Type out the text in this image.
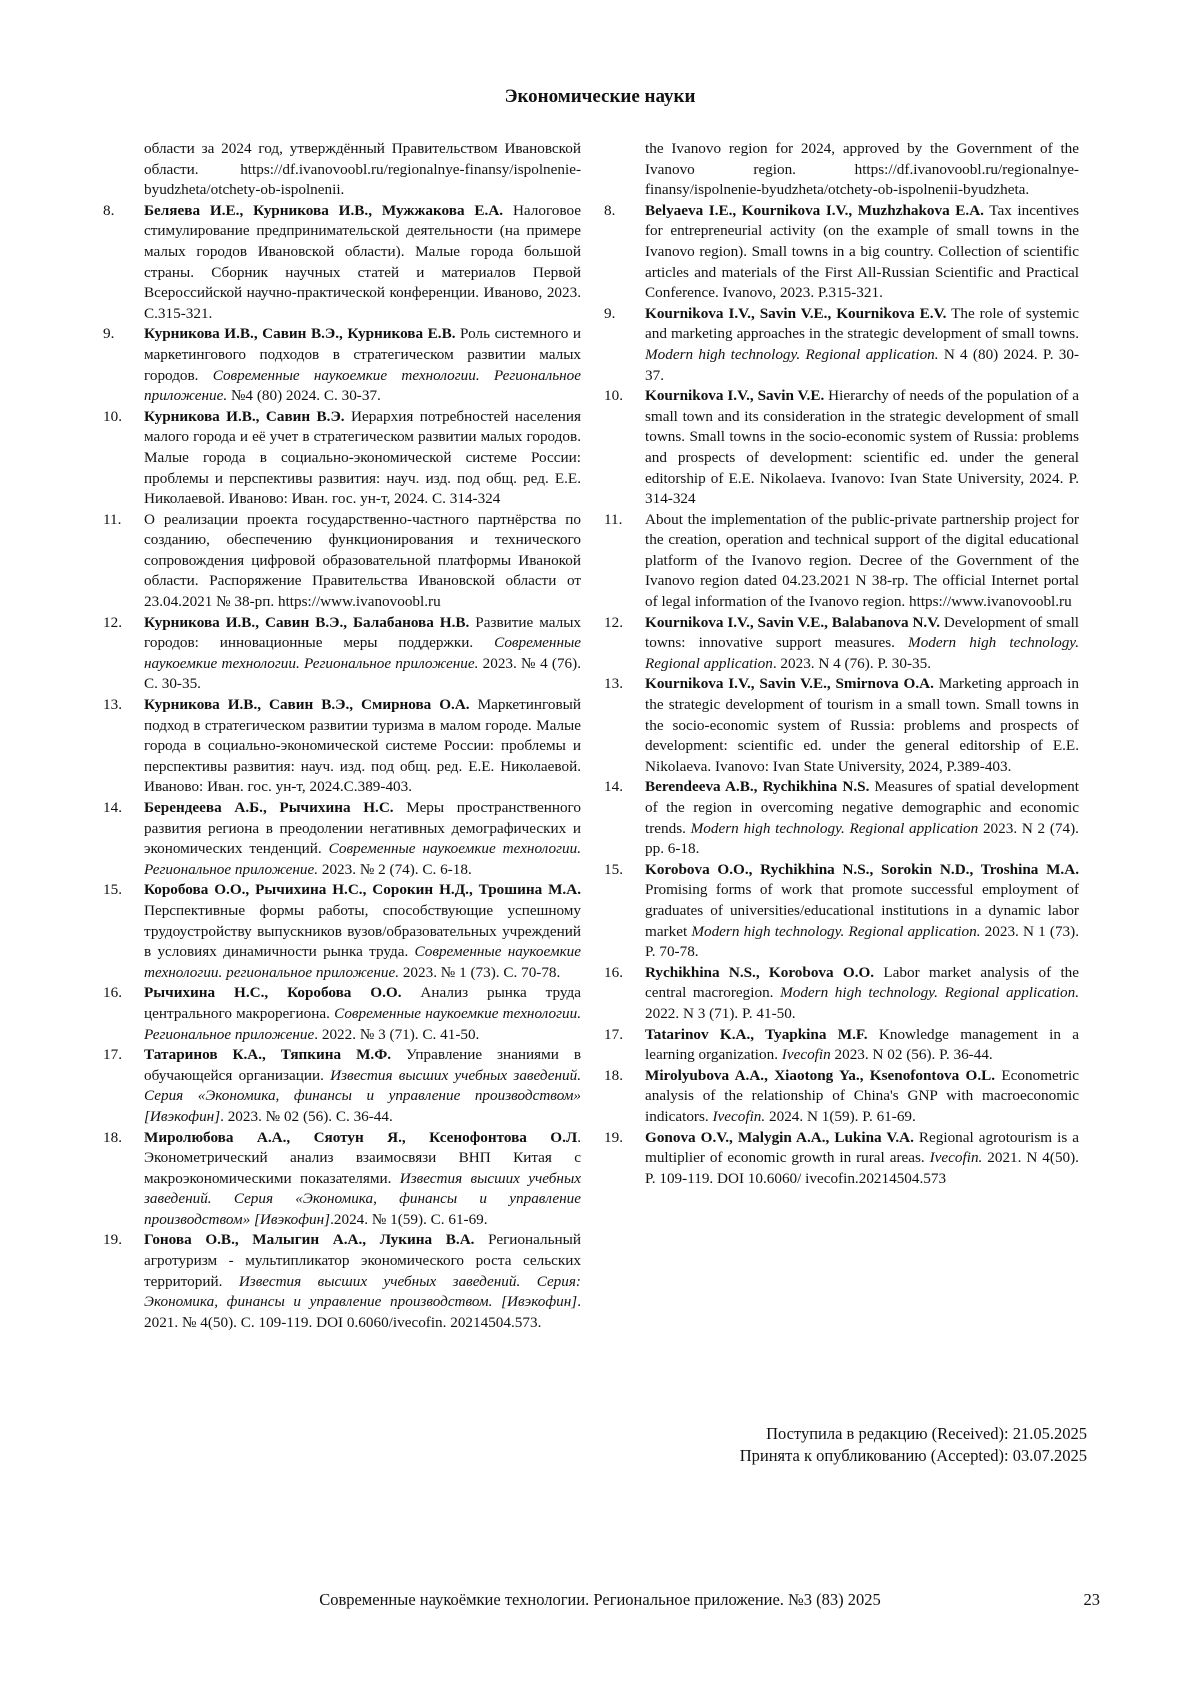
Экономические науки
области за 2024 год, утверждённый Правительством Ивановской области. https://df.ivanovoobl.ru/regionalnye-finansy/ispolnenie-byudzheta/otchety-ob-ispolnenii.
8. Беляева И.Е., Курникова И.В., Мужжакова Е.А. Налоговое стимулирование предпринимательской деятельности (на примере малых городов Ивановской области). Малые города большой страны. Сборник научных статей и материалов Первой Всероссийской научно-практической конференции. Иваново, 2023. С.315-321.
9. Курникова И.В., Савин В.Э., Курникова Е.В. Роль системного и маркетингового подходов в стратегическом развитии малых городов. Современные наукоемкие технологии. Региональное приложение. №4 (80) 2024. С. 30-37.
10. Курникова И.В., Савин В.Э. Иерархия потребностей населения малого города и её учет в стратегическом развитии малых городов. Малые города в социально-экономической системе России: проблемы и перспективы развития: науч. изд. под общ. ред. Е.Е. Николаевой. Иваново: Иван. гос. ун-т, 2024. С. 314-324
11. О реализации проекта государственно-частного партнёрства по созданию, обеспечению функционирования и технического сопровождения цифровой образовательной платформы Иванокой области. Распоряжение Правительства Ивановской области от 23.04.2021 № 38-рп. https://www.ivanovoobl.ru
12. Курникова И.В., Савин В.Э., Балабанова Н.В. Развитие малых городов: инновационные меры поддержки. Современные наукоемкие технологии. Региональное приложение. 2023. № 4 (76). С. 30-35.
13. Курникова И.В., Савин В.Э., Смирнова О.А. Маркетинговый подход в стратегическом развитии туризма в малом городе. Малые города в социально-экономической системе России: проблемы и перспективы развития: науч. изд. под общ. ред. Е.Е. Николаевой. Иваново: Иван. гос. ун-т, 2024.С.389-403.
14. Берендеева А.Б., Рычихина Н.С. Меры пространственного развития региона в преодолении негативных демографических и экономических тенденций. Современные наукоемкие технологии. Региональное приложение. 2023. № 2 (74). С. 6-18.
15. Коробова О.О., Рычихина Н.С., Сорокин Н.Д., Трошина М.А. Перспективные формы работы, способствующие успешному трудоустройству выпускников вузов/образовательных учреждений в условиях динамичности рынка труда. Современные наукоемкие технологии. региональное приложение. 2023. № 1 (73). С. 70-78.
16. Рычихина Н.С., Коробова О.О. Анализ рынка труда центрального макрорегиона. Современные наукоемкие технологии. Региональное приложение. 2022. № 3 (71). С. 41-50.
17. Татаринов К.А., Тяпкина М.Ф. Управление знаниями в обучающейся организации. Известия высших учебных заведений. Серия «Экономика, финансы и управление производством» [Ивэкофин]. 2023. № 02 (56). С. 36-44.
18. Миролюбова А.А., Сяотун Я., Ксенофонтова О.Л. Эконометрический анализ взаимосвязи ВНП Китая с макроэкономическими показателями. Известия высших учебных заведений. Серия «Экономика, финансы и управление производством» [Ивэкофин].2024. № 1(59). С. 61-69.
19. Гонова О.В., Малыгин А.А., Лукина В.А. Региональный агротуризм - мультипликатор экономического роста сельских территорий. Известия высших учебных заведений. Серия: Экономика, финансы и управление производством. [Ивэкофин]. 2021. № 4(50). С. 109-119. DOI 0.6060/ivecofin. 20214504.573.
the Ivanovo region for 2024, approved by the Government of the Ivanovo region. https://df.ivanovoobl.ru/regionalnye-finansy/ispolnenie-byudzheta/otchety-ob-ispolnenii-byudzheta.
8. Belyaeva I.E., Kournikova I.V., Muzhzhakova E.A. Tax incentives for entrepreneurial activity (on the example of small towns in the Ivanovo region). Small towns in a big country. Collection of scientific articles and materials of the First All-Russian Scientific and Practical Conference. Ivanovo, 2023. P.315-321.
9. Kournikova I.V., Savin V.E., Kournikova E.V. The role of systemic and marketing approaches in the strategic development of small towns. Modern high technology. Regional application. N 4 (80) 2024. P. 30-37.
10. Kournikova I.V., Savin V.E. Hierarchy of needs of the population of a small town and its consideration in the strategic development of small towns. Small towns in the socio-economic system of Russia: problems and prospects of development: scientific ed. under the general editorship of E.E. Nikolaeva. Ivanovo: Ivan State University, 2024. P. 314-324
11. About the implementation of the public-private partnership project for the creation, operation and technical support of the digital educational platform of the Ivanovo region. Decree of the Government of the Ivanovo region dated 04.23.2021 N 38-rp. The official Internet portal of legal information of the Ivanovo region. https://www.ivanovoobl.ru
12. Kournikova I.V., Savin V.E., Balabanova N.V. Development of small towns: innovative support measures. Modern high technology. Regional application. 2023. N 4 (76). P. 30-35.
13. Kournikova I.V., Savin V.E., Smirnova O.A. Marketing approach in the strategic development of tourism in a small town. Small towns in the socio-economic system of Russia: problems and prospects of development: scientific ed. under the general editorship of E.E. Nikolaeva. Ivanovo: Ivan State University, 2024, P.389-403.
14. Berendeeva A.B., Rychikhina N.S. Measures of spatial development of the region in overcoming negative demographic and economic trends. Modern high technology. Regional application 2023. N 2 (74). pp. 6-18.
15. Korobova O.O., Rychikhina N.S., Sorokin N.D., Troshina M.A. Promising forms of work that promote successful employment of graduates of universities/educational institutions in a dynamic labor market Modern high technology. Regional application. 2023. N 1 (73). P. 70-78.
16. Rychikhina N.S., Korobova O.O. Labor market analysis of the central macroregion. Modern high technology. Regional application. 2022. N 3 (71). P. 41-50.
17. Tatarinov K.A., Tyapkina M.F. Knowledge management in a learning organization. Ivecofin 2023. N 02 (56). P. 36-44.
18. Mirolyubova A.A., Xiaotong Ya., Ksenofontova O.L. Econometric analysis of the relationship of China's GNP with macroeconomic indicators. Ivecofin. 2024. N 1(59). P. 61-69.
19. Gonova O.V., Malygin A.A., Lukina V.A. Regional agrotourism is a multiplier of economic growth in rural areas. Ivecofin. 2021. N 4(50). P. 109-119. DOI 10.6060/ ivecofin.20214504.573
Поступила в редакцию (Received): 21.05.2025
Принята к опубликованию (Accepted): 03.07.2025
Современные наукоёмкие технологии. Региональное приложение. №3 (83) 2025	23
